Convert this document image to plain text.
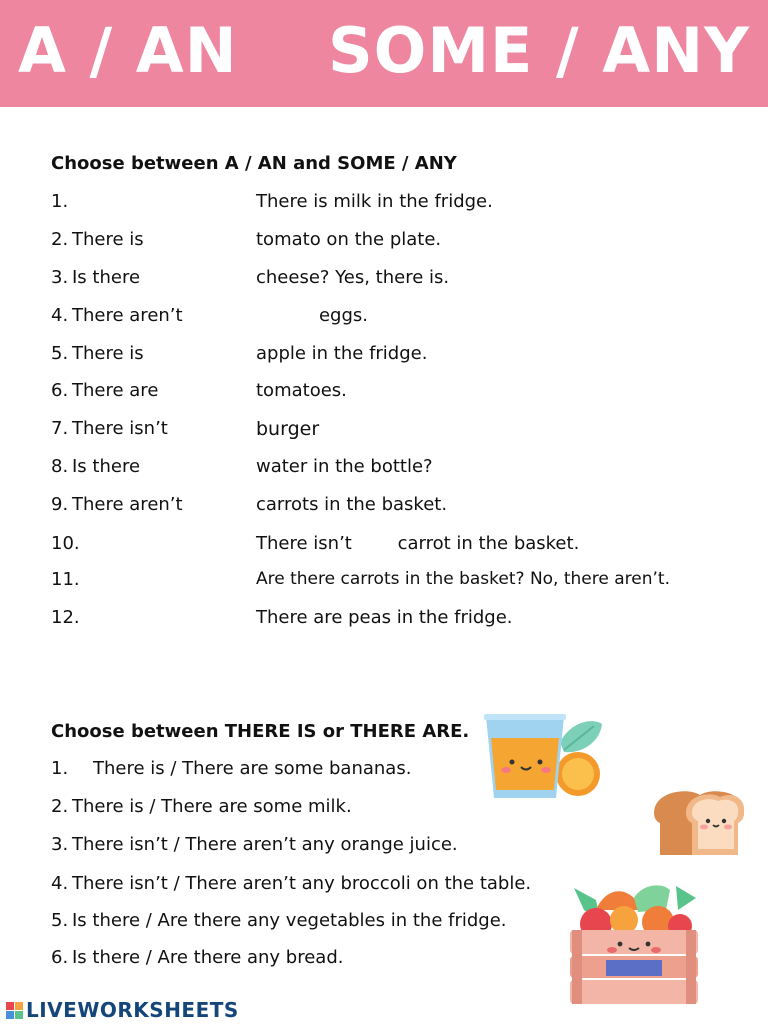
A / AN    SOME / ANY
Choose between A / AN and SOME / ANY
1.	There is milk in the fridge.
2. There is	tomato on the plate.
3. Is there	cheese? Yes, there is.
4. There aren’t	eggs.
5. There is	apple in the fridge.
6. There are	tomatoes.
7. There isn’t	burger
8. Is there	water in the bottle?
9. There aren’t	carrots in the basket.
10.	There isn’t        carrot in the basket.
11.	Are there carrots in the basket? No, there aren’t.
12.	There are peas in the fridge.
Choose between THERE IS or THERE ARE.
1. There is / There are some bananas.
2. There is / There are some milk.
3. There isn’t / There aren’t any orange juice.
4. There isn’t / There aren’t any broccoli on the table.
5. Is there / Are there any vegetables in the fridge.
6. Is there / Are there any bread.
LIVEWORKSHEETS
